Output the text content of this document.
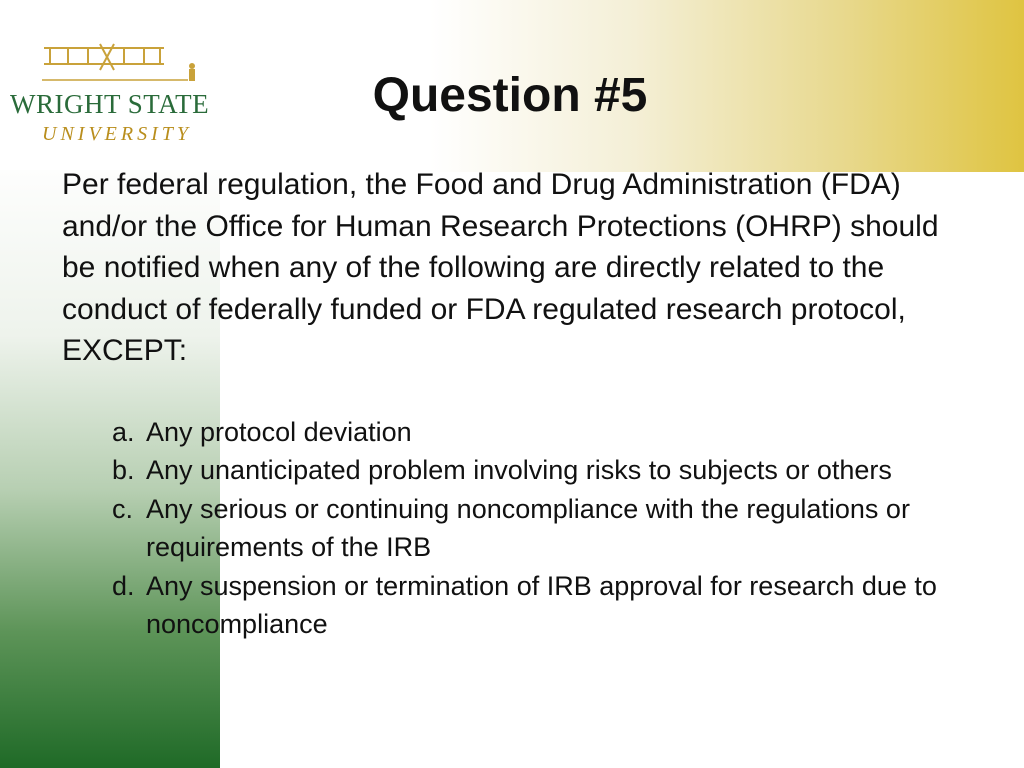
WRIGHT STATE
UNIVERSITY
Question #5
Per federal regulation, the Food and Drug Administration (FDA) and/or the Office for Human Research Protections (OHRP) should be notified when any of the following are directly related to the conduct of federally funded or FDA regulated research protocol, EXCEPT:
a. Any protocol deviation
b. Any unanticipated problem involving risks to subjects or others
c. Any serious or continuing noncompliance with the regulations or requirements of the IRB
d. Any suspension or termination of IRB approval for research due to noncompliance
